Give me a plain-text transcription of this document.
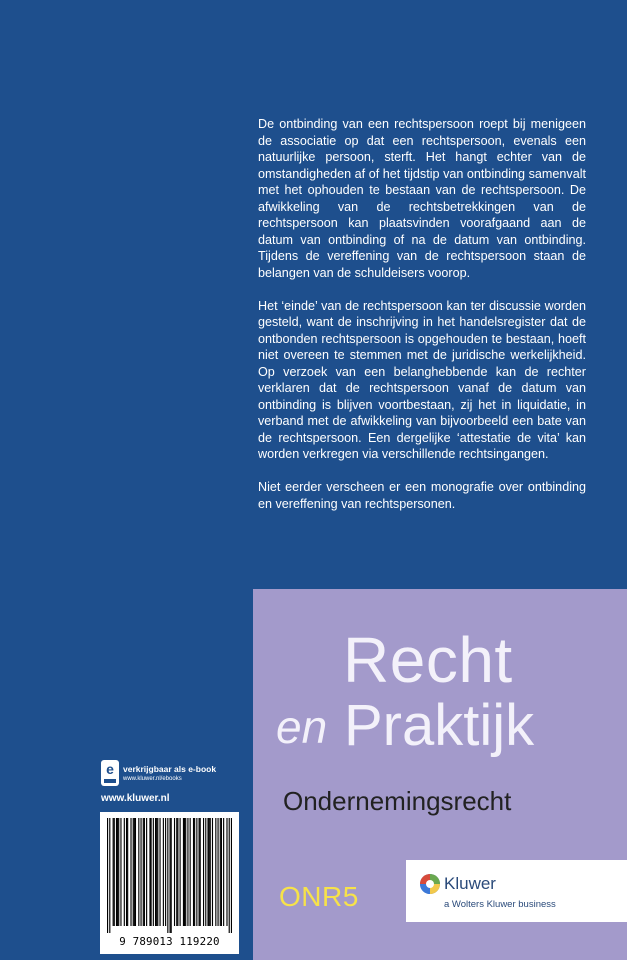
De ontbinding van een rechtspersoon roept bij menigeen de associatie op dat een rechtspersoon, evenals een natuurlijke persoon, sterft. Het hangt echter van de omstandigheden af of het tijdstip van ontbinding samenvalt met het ophouden te bestaan van de rechtspersoon. De afwikkeling van de rechtsbetrekkingen van de rechtspersoon kan plaatsvinden voorafgaand aan de datum van ontbinding of na de datum van ontbinding. Tijdens de vereffening van de rechtspersoon staan de belangen van de schuldeisers voorop.

Het ‘einde’ van de rechtspersoon kan ter discussie worden gesteld, want de inschrijving in het handelsregister dat de ontbonden rechtspersoon is opgehouden te bestaan, hoeft niet overeen te stemmen met de juridische werkelijkheid. Op verzoek van een belanghebbende kan de rechter verklaren dat de rechtspersoon vanaf de datum van ontbinding is blijven voortbestaan, zij het in liquidatie, in verband met de afwikkeling van bijvoorbeeld een bate van de rechtspersoon. Een dergelijke ‘attestatie de vita’ kan worden verkregen via verschillende rechtsingangen.

Niet eerder verscheen er een monografie over ontbinding en vereffening van rechtspersonen.

e	verkrijgbaar als e-book
www.kluwer.nl/ebooks
www.kluwer.nl
9 789013 119220
Recht
en Praktijk
Ondernemingsrecht
ONR5	Kluwer
a Wolters Kluwer business
